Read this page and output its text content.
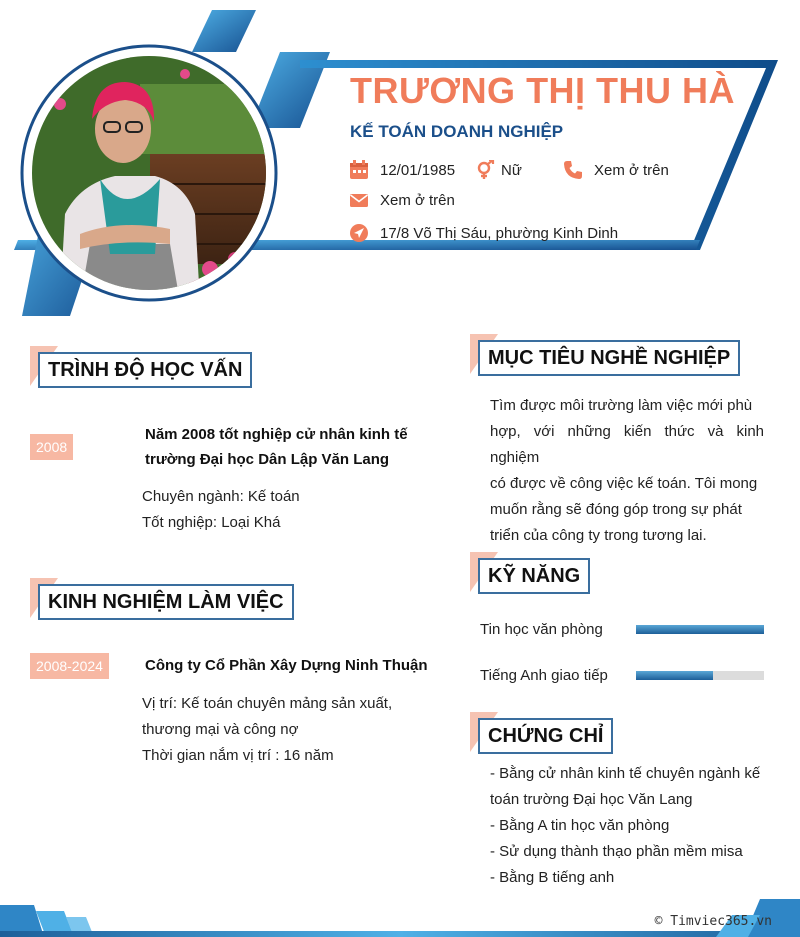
TRƯƠNG THỊ THU HÀ
KẾ TOÁN DOANH NGHIỆP
12/01/1985	Nữ	Xem ở trên
Xem ở trên
17/8 Võ Thị Sáu, phường Kinh Dinh
TRÌNH ĐỘ HỌC VẤN
2008
Năm 2008 tốt nghiệp cử nhân kinh tế
trường Đại học Dân Lập Văn Lang
Chuyên ngành: Kế toán
Tốt nghiệp: Loại Khá
KINH NGHIỆM LÀM VIỆC
2008-2024	Công ty Cổ Phần Xây Dựng Ninh Thuận
Vị trí: Kế toán chuyên mảng sản xuất,
thương mại và công nợ
Thời gian nắm vị trí : 16 năm
MỤC TIÊU NGHỀ NGHIỆP
Tìm được môi trường làm việc mới phù
hợp, với những kiến thức và kinh nghiệm
có được về công việc kế toán. Tôi mong
muốn rằng sẽ đóng góp trong sự phát
triển của công ty trong tương lai.
KỸ NĂNG
Tin học văn phòng
Tiếng Anh giao tiếp
CHỨNG CHỈ
- Bằng cử nhân kinh tế chuyên ngành kế
toán trường Đại học Văn Lang
- Bằng A tin học văn phòng
- Sử dụng thành thạo phần mềm misa
- Bằng B tiếng anh
© Timviec365.vn
